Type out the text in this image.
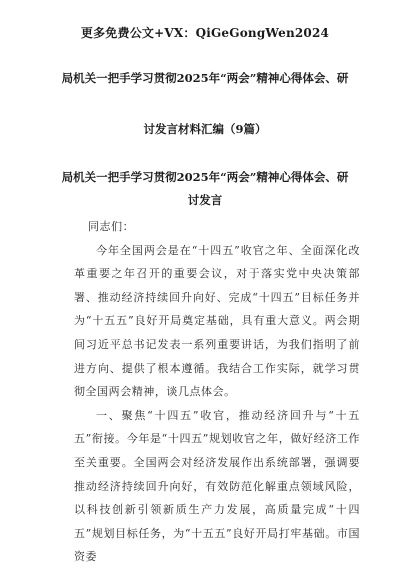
更多免费公文+VX：QiGeGongWen2024
局机关一把手学习贯彻2025年“两会”精神心得体会、研
讨发言材料汇编（9篇）
局机关一把手学习贯彻2025年“两会”精神心得体会、研
讨发言

同志们：

今年全国两会是在“十四五”收官之年、全面深化改革重要之年召开的重要会议，对于落实党中央决策部署、推动经济持续回升向好、完成“十四五”目标任务并为“十五五”良好开局奠定基础，具有重大意义。两会期间习近平总书记发表一系列重要讲话，为我们指明了前进方向、提供了根本遵循。我结合工作实际，就学习贯彻全国两会精神，谈几点体会。

一、聚焦“十四五”收官，推动经济回升与“十五五”衔接。今年是“十四五”规划收官之年，做好经济工作至关重要。全国两会对经济发展作出系统部署，强调要推动经济持续回升向好，有效防范化解重点领域风险，以科技创新引领新质生产力发展，高质量完成“十四五”规划目标任务，为“十五五”良好开局打牢基础。市国资委
